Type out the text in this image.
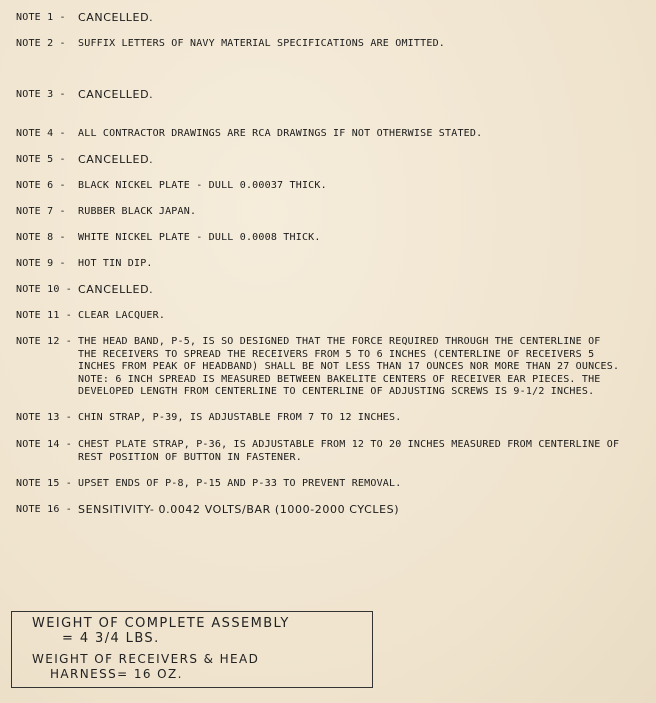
NOTE 1 -	CANCELLED.
NOTE 2 -	SUFFIX LETTERS OF NAVY MATERIAL SPECIFICATIONS ARE OMITTED.
NOTE 3 -	CANCELLED.
NOTE 4 -	ALL CONTRACTOR DRAWINGS ARE RCA DRAWINGS IF NOT OTHERWISE STATED.
NOTE 5 -	CANCELLED.
NOTE 6 -	BLACK NICKEL PLATE - DULL 0.00037 THICK.
NOTE 7 -	RUBBER BLACK JAPAN.
NOTE 8 -	WHITE NICKEL PLATE - DULL 0.0008 THICK.
NOTE 9 -	HOT TIN DIP.
NOTE 10 - CANCELLED.
NOTE 11 - CLEAR LACQUER.
NOTE 12 - THE HEAD BAND, P-5, IS SO DESIGNED THAT THE FORCE REQUIRED THROUGH THE CENTERLINE OF
THE RECEIVERS TO SPREAD THE RECEIVERS FROM 5 TO 6 INCHES (CENTERLINE OF RECEIVERS 5
INCHES FROM PEAK OF HEADBAND) SHALL BE NOT LESS THAN 17 OUNCES NOR MORE THAN 27 OUNCES.
NOTE: 6 INCH SPREAD IS MEASURED BETWEEN BAKELITE CENTERS OF RECEIVER EAR PIECES. THE
DEVELOPED LENGTH FROM CENTERLINE TO CENTERLINE OF ADJUSTING SCREWS IS 9-1/2 INCHES.
NOTE 13 - CHIN STRAP, P-39, IS ADJUSTABLE FROM 7 TO 12 INCHES.
NOTE 14 - CHEST PLATE STRAP, P-36, IS ADJUSTABLE FROM 12 TO 20 INCHES MEASURED FROM CENTERLINE OF
REST POSITION OF BUTTON IN FASTENER.
NOTE 15 - UPSET ENDS OF P-8, P-15 AND P-33 TO PREVENT REMOVAL.
NOTE 16 - SENSITIVITY- 0.0042 VOLTS/BAR (1000-2000 CYCLES)
WEIGHT OF COMPLETE ASSEMBLY
= 4 3/4 LBS.
WEIGHT OF RECEIVERS & HEAD
HARNESS= 16 OZ.
